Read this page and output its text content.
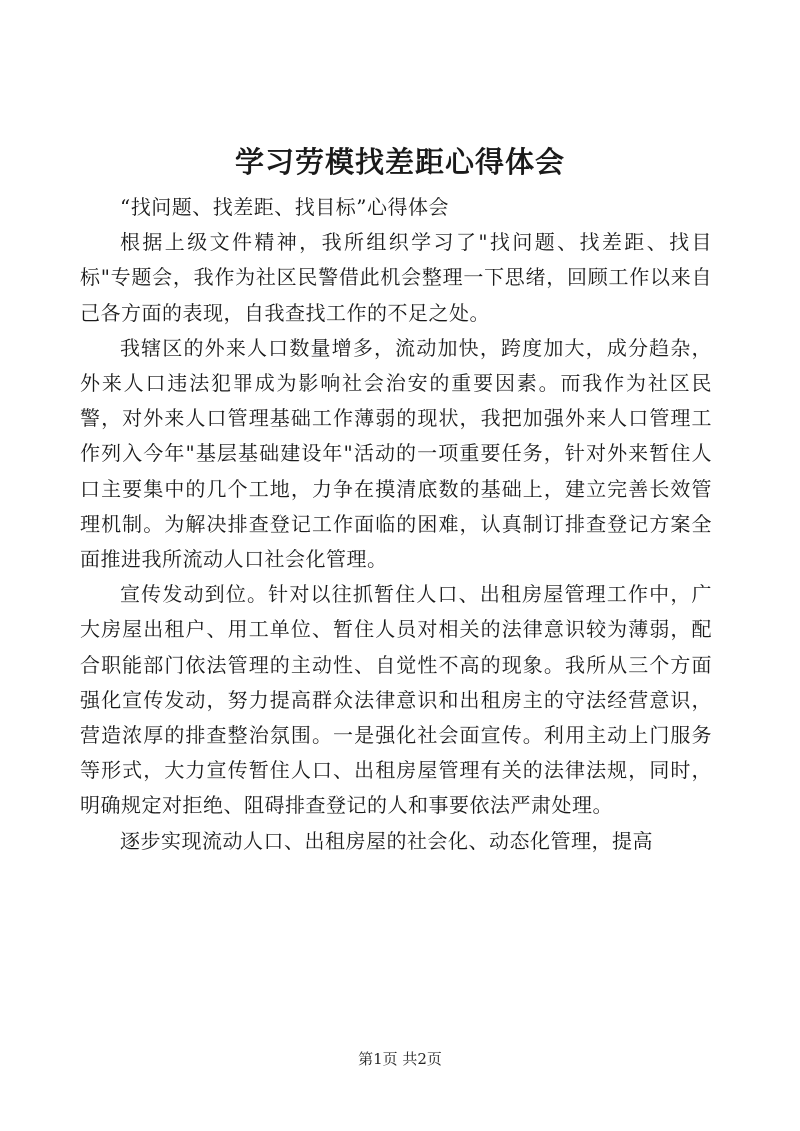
学习劳模找差距心得体会

“找问题、找差距、找目标”心得体会

根据上级文件精神，我所组织学习了"找问题、找差距、找目标"专题会，我作为社区民警借此机会整理一下思绪，回顾工作以来自己各方面的表现，自我查找工作的不足之处。

我辖区的外来人口数量增多，流动加快，跨度加大，成分趋杂，外来人口违法犯罪成为影响社会治安的重要因素。而我作为社区民警，对外来人口管理基础工作薄弱的现状，我把加强外来人口管理工作列入今年"基层基础建设年"活动的一项重要任务，针对外来暂住人口主要集中的几个工地，力争在摸清底数的基础上，建立完善长效管理机制。为解决排查登记工作面临的困难，认真制订排查登记方案全面推进我所流动人口社会化管理。

宣传发动到位。针对以往抓暂住人口、出租房屋管理工作中，广大房屋出租户、用工单位、暂住人员对相关的法律意识较为薄弱，配合职能部门依法管理的主动性、自觉性不高的现象。我所从三个方面强化宣传发动，努力提高群众法律意识和出租房主的守法经营意识，营造浓厚的排查整治氛围。一是强化社会面宣传。利用主动上门服务等形式，大力宣传暂住人口、出租房屋管理有关的法律法规，同时，明确规定对拒绝、阻碍排查登记的人和事要依法严肃处理。

逐步实现流动人口、出租房屋的社会化、动态化管理，提高

第1页 共2页
